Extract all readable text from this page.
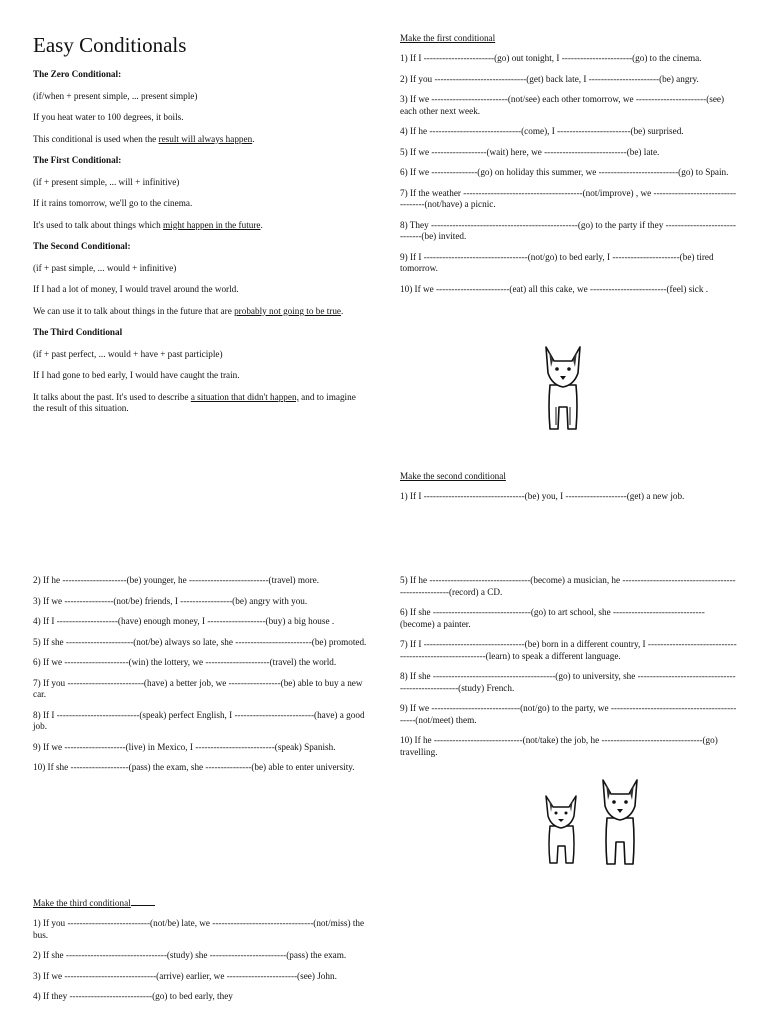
Easy Conditionals

The Zero Conditional:

(if/when + present simple, ... present simple)

If you heat water to 100 degrees, it boils.

This conditional is used when the result will always happen.

The First Conditional:

(if + present simple, ... will + infinitive)

If it rains tomorrow, we'll go to the cinema.

It's used to talk about things which might happen in the future.

The Second Conditional:

(if + past simple, ... would + infinitive)

If I had a lot of money, I would travel around the world.

We can use it to talk about things in the future that are probably not going to be true.

The Third Conditional

(if + past perfect, ... would + have + past participle)

If I had gone to bed early, I would have caught the train.

It talks about the past. It's used to describe a situation that didn't happen, and to imagine the result of this situation.

Make the first conditional

1) If I -----------------------(go) out tonight, I -----------------------(go) to the cinema.

2) If you ------------------------------(get) back late, I -----------------------(be) angry.

3) If we -------------------------(not/see) each other tomorrow, we -----------------------(see) each other next week.

4) If he ------------------------------(come), I ------------------------(be) surprised.

5) If we ------------------(wait) here, we ---------------------------(be) late.

6) If we ---------------(go) on holiday this summer, we --------------------------(go) to Spain.

7) If the weather ---------------------------------------(not/improve) , we -----------------------------------(not/have) a picnic.

8) They ------------------------------------------------(go) to the party if they ------------------------------(be) invited.

9) If I ----------------------------------(not/go) to bed early, I ----------------------(be) tired tomorrow.

10) If we ------------------------(eat) all this cake, we -------------------------(feel) sick .

Make the second conditional

1) If I ---------------------------------(be) you, I --------------------(get) a new job.

2) If he ---------------------(be) younger, he --------------------------(travel) more.

3) If we ----------------(not/be) friends, I -----------------(be) angry with you.

4) If I --------------------(have) enough money, I -------------------(buy) a big house .

5) If she ----------------------(not/be) always so late, she -------------------------(be) promoted.

6) If we ---------------------(win) the lottery, we ---------------------(travel) the world.

7) If you -------------------------(have) a better job, we -----------------(be) able to buy a new car.

8) If I ---------------------------(speak) perfect English, I --------------------------(have) a good job.

9) If we --------------------(live) in Mexico, I --------------------------(speak) Spanish.

10) If she -------------------(pass) the exam, she ---------------(be) able to enter university.

5) If he ---------------------------------(become) a musician, he -----------------------------------------------------(record) a CD.

6) If she --------------------------------(go) to art school, she ------------------------------(become) a painter.

7) If I ---------------------------------(be) born in a different country, I ---------------------------------------------------------(learn) to speak a different language.

8) If she ----------------------------------------(go) to university, she ---------------------------------------------------(study) French.

9) If we -----------------------------(not/go) to the party, we ----------------------------------------------(not/meet) them.

10) If he -----------------------------(not/take) the job, he ---------------------------------(go) travelling.

Make the third conditional

1) If you ---------------------------(not/be) late, we ---------------------------------(not/miss) the bus.

2) If she ---------------------------------(study) she -------------------------(pass) the exam.

3) If we ------------------------------(arrive) earlier, we -----------------------(see) John.

4) If they ---------------------------(go) to bed early, they
